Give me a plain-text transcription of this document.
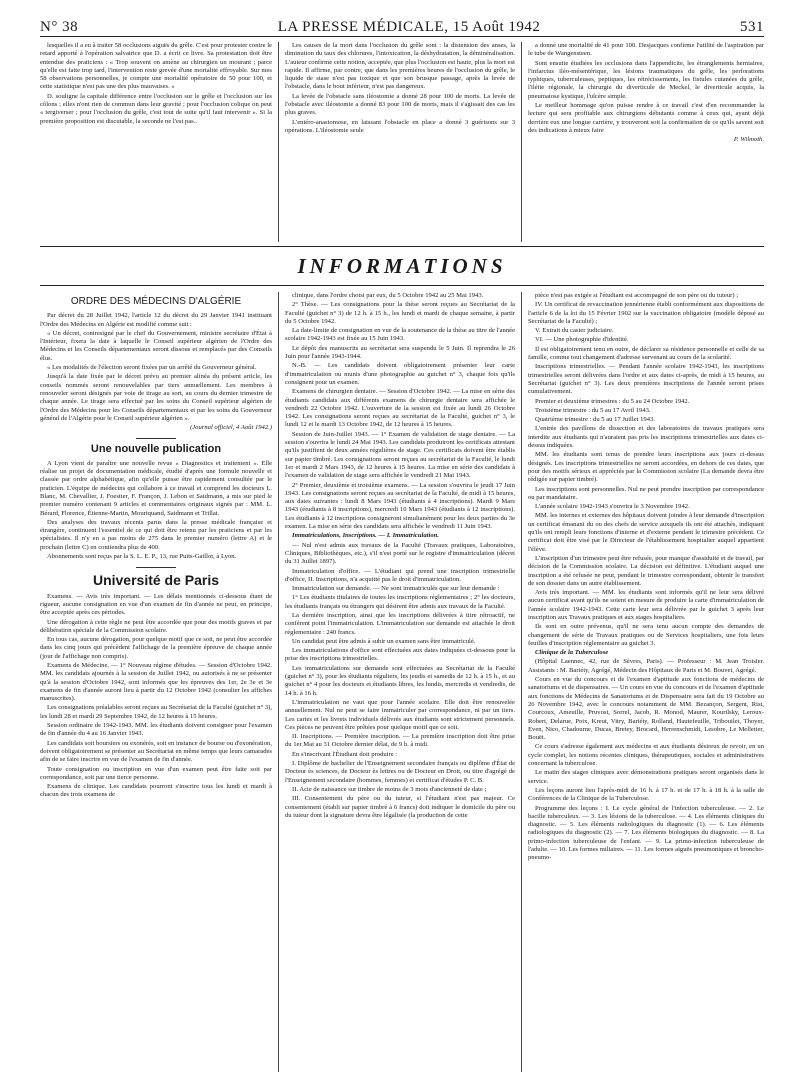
N° 38	LA PRESSE MÉDICALE, 15 Août 1942	531

lesquelles il a eu à traiter 58 occlusions aiguës du grêle. C'est pour protester contre le retard apporté à l'opération salvatrice que D. a écrit ce livre. Sa protestation doit être entendue des praticiens : « Trop souvent on amène au chirurgien un mourant ; parce qu'elle est faite trop tard, l'intervention reste grevée d'une mortalité effroyable. Sur mes 58 observations personnelles, je compte une mortalité opératoire de 50 pour 100, et cette statistique n'est pas une des plus mauvaises. »

D. souligne la capitale différence entre l'occlusion sur le grêle et l'occlusion sur les côlons ; elles n'ont rien de commun dans leur gravité ; pour l'occlusion colique on peut « tergiverser ; pour l'occlusion du grêle, c'est tout de suite qu'il faut intervenir ». Si la première proposition est discutable, la seconde ne l'est pas..

Les causes de la mort dans l'occlusion du grêle sont : la distension des anses, la diminution du taux des chlorures, l'intoxication, la déshydratation, la déminéralisation. L'auteur confirme cette notion, acceptée, que plus l'occlusion est haute, plus la mort est rapide. Il affirme, par contre, que dans les premières heures de l'occlusion du grêle, le liquide de stase n'est pas toxique et que son brusque passage, après la levée de l'obstacle, dans le bout inférieur, n'est pas dangereux.

La levée de l'obstacle sans iléostomie a donné 28 pour 100 de morts. La levée de l'obstacle avec iléostomie a donné 83 pour 100 de morts, mais il s'agissait des cas les plus graves.

L'entéro-anastomose, en laissant l'obstacle en place a donné 3 guérisons sur 3 opérations. L'iléostomie seule

a donné une mortalité de 41 pour 100. Desjacques confirme l'utilité de l'aspiration par le tube de Wangensteen.

Sont ensuite étudiées les occlusions dans l'appendicite, les étranglements herniaires, l'infarctus iléo-mésentérique, les lésions traumatiques du grêle, les perforations typhiques, tuberculeuses, peptiques, les rétrécissements, les fistules cutanées du grêle, l'iléite régionale, la chirurgie du diverticule de Meckel, le diverticule acquis, la pneumatose kystique, l'ulcère simple.

Le meilleur hommage qu'on puisse rendre à ce travail c'est d'en recommander la lecture qui sera profitable aux chirurgiens débutants comme à ceux qui, ayant déjà derrière eux une longue carrière, y trouveront soit la confirmation de ce qu'ils savent soit des indications à mieux faire

P. Wilmoth.

INFORMATIONS
ORDRE DES MÉDECINS D'ALGÉRIE

Par décret du 28 Juillet 1942, l'article 12 du décret du 29 Janvier 1941 instituant l'Ordre des Médecins en Algérie est modifié comme suit :

« Un décret, contresigné par le chef du Gouvernement, ministre secrétaire d'État à l'Intérieur, fixera la date à laquelle le Conseil supérieur algérien de l'Ordre des Médecins et les Conseils départementaux seront dissous et remplacés par des Conseils élus.

« Les modalités de l'élection seront fixées par un arrêté du Gouverneur général.

Jusqu'à la date fixée par le décret prévu au premier alinéa du présent article, les conseils nommés seront renouvelables par tiers annuellement. Les membres à renouveler seront désignés par voie de tirage au sort, au cours du dernier trimestre de chaque année. Le tirage sera effectué par les soins du Conseil supérieur algérien de l'Ordre des Médecins pour les Conseils départementaux et par les soins du Gouverneur général de l'Algérie pour le Conseil supérieur algérien ».

(Journal officiel, 4 Août 1942.)

Une nouvelle publication

A Lyon vient de paraître une nouvelle revue « Diagnostics et traitement ». Elle réalise un projet de documentation médicale, étudié d'après une formule nouvelle et classée par ordre alphabétique, afin qu'elle puisse être rapidement consultée par le praticien. L'équipe de médecins qui collabore à ce travail et comprend les docteurs L. Blanc, M. Chevallier, J. Foestier, F. Françon, J. Lebon et Saidmann, a mis sur pied le premier numéro contenant 9 articles et commentaires originaux signés par : MM. L. Bérard, Florence, Étienne-Martin, Mouriquand, Saidmann et Trillat.

Des analyses des travaux récents parus dans la presse médicale française et étrangère, continuent l'essentiel de ce qui doit être retenu par les praticiens et par les spécialistes. Il n'y en a pas moins de 275 dans le premier numéro (lettre A) et le prochain (lettre C) en contiendra plus de 400.

Abonnements sont reçus par la S. L. E. P., 13, rue Puits-Gaillot, à Lyon.

Université de Paris

Examens. — Avis très important. — Les délais mentionnés ci-dessous étant de rigueur, aucune consignation en vue d'un examen de fin d'année ne peut, en principe, être acceptée après ces périodes.

Une dérogation à cette règle ne peut être accordée que pour des motifs graves et par délibération spéciale de la Commission scolaire.

En tous cas, aucune dérogation, pour quelque motif que ce soit, ne peut être accordée dans les cinq jours qui précèdent l'affichage de la première épreuve de chaque année (jour de l'affichage non compris).

Examens de Médecine. — 1° Nouveau régime d'études. — Session d'Octobre 1942. MM. les candidats ajournés à la session de Juillet 1942, ou autorisés à ne se présenter qu'à la session d'Octobre 1942, sont informés que les épreuves des 1er, 2e 3e et 3e examens de fin d'année auront lieu à partir du 12 Octobre 1942 (consulter les affiches manuscrites).

Les consignations préalables seront reçues au Secrétariat de la Faculté (guichet n° 3), les lundi 28 et mardi 29 Septembre 1942, de 12 heures à 15 heures.

Session ordinaire de 1942-1943. MM. les étudiants doivent consigner pour l'examen de fin d'année du 4 au 16 Janvier 1943.

Les candidats soit boursiers ou exonérés, soit en instance de bourse ou d'exonération, doivent obligatoirement se présenter au Secrétariat en même temps que leurs camarades afin de se faire inscrire en vue de l'examen de fin d'année.

Toute consignation ou inscription en vue d'un examen peut être faite soit par correspondance, soit par une tierce personne.

Examens de clinique. Les candidats pourront s'inscrire tous les lundi et mardi à chacun des trois examens de

clinique, dans l'ordre choisi par eux, du 5 Octobre 1942 au 25 Mai 1943.

2° Thèse. — Les consignations pour la thèse seront reçues au Secrétariat de la Faculté (guichet n° 3) de 12 h. à 15 h., les lundi et mardi de chaque semaine, à partir du 5 Octobre 1942.

La date-limite de consignation en vue de la soutenance de la thèse au titre de l'année scolaire 1942-1943 est fixée au 15 Juin 1943.

Le dépôt des manuscrits au secrétariat sera suspendu le 5 Juin. Il reprendra le 26 Juin pour l'année 1943-1944.

N.-B. — Les candidats doivent obligatoirement présenter leur carte d'immatriculation ou munis d'une photographie au guichet n° 3, chaque fois qu'ils consignent pour un examen.

Examens de chirurgien dentaire. — Session d'Octobre 1942. — La mise en série des étudiants candidats aux différents examens de chirurgie dentaire sera affichée le vendredi 22 Octobre 1942. L'ouverture de la session est fixée au lundi 26 Octobre 1942. Les consignations seront reçues au secrétariat de la Faculté, guichet n° 3, le lundi 12 et le mardi 13 Octobre 1942, de 12 heures à 15 heures.

Session de Juin-Juillet 1943. — 1° Examen de validation de stage dentaire. — La session s'ouvrira le lundi 24 Mai 1943. Les candidats produiront les certificats attestant qu'ils justifient de deux années régulières de stage. Ces certificats doivent être établis sur papier timbré. Les consignations seront reçues au secrétariat de la Faculté, le lundi 1er et mardi 2 Mars 1943, de 12 heures à 15 heures. La mise en série des candidats à l'examen de validation de stage sera affichée le vendredi 21 Mai 1943.

2° Premier, deuxième et troisième examens. — La session s'ouvrira le jeudi 17 Juin 1943. Les consignations seront reçues au secrétariat de la Faculté, de midi à 15 heures, aux dates suivantes : lundi 8 Mars 1943 (étudiants à 4 inscriptions). Mardi 9 Mars 1943 (étudiants à 8 inscriptions), mercredi 10 Mars 1943 (étudiants à 12 inscriptions). Les étudiants à 12 inscriptions consigneront simultanément pour les deux parties du 3e examen. La mise en série des candidats sera affichée le vendredi 11 Juin 1943.

Immatriculations, Inscriptions. — I. Immatriculation.

— Nul n'est admis aux travaux de la Faculté (Travaux pratiques, Laboratoires, Cliniques, Bibliothèques, etc.), s'il n'est porté sur le registre d'immatriculation (décret du 31 Juillet 1897).

Immatriculation d'office. — L'étudiant qui prend une inscription trimestrielle d'office, II. Inscriptions, n'a acquitté pas le droit d'immatriculation.

Immatriculation sur demande. — Ne sont immatriculés que sur leur demande :

1° Les étudiants titulaires de toutes les inscriptions réglementaires ; 2° les docteurs, les étudiants français ou étrangers qui désirent être admis aux travaux de la Faculté.

La dernière inscription, ainsi que les inscriptions délivrées à titre rétroactif, ne confèrent point l'immatriculation. L'immatriculation sur demande est attachée le droit réglementaire : 240 francs.

Un candidat peut être admis à subir un examen sans être immatriculé.

Les immatriculations d'office sont effectuées aux dates indiquées ci-dessous pour la prise des inscriptions trimestrielles.

Les immatriculations sur demande sont effectuées au Secrétariat de la Faculté (guichet n° 3), pour les étudiants réguliers, les jeudis et samedis de 12 h. à 15 h., et au guichet n° 4 pour les docteurs et étudiants libres, les lundis, mercredis et vendredis, de 14 h. à 16 h.

L'immatriculation ne vaut que pour l'année scolaire. Elle doit être renouvelée annuellement. Nul ne peut se faire immatriculer par correspondance, ni par un tiers. Les cartes et les livrets individuels délivrés aux étudiants sont strictement personnels. Ces pièces ne peuvent être prêtées pour quelque motif que ce soit.

II. Inscriptions. — Première inscription. — La première inscription doit être prise du 1er Mai au 31 Octobre dernier délai, de 9 h. à midi.

En s'inscrivant l'Étudiant doit produire :

I. Diplôme de bachelier de l'Enseignement secondaire français ou diplôme d'État de Docteur ès sciences, de Docteur ès lettres ou de Docteur en Droit, ou titre d'agrégé de l'Enseignement secondaire (hommes, femmes) et certificat d'études P. C. B.

II. Acte de naissance sur timbre de moins de 3 mois d'ancienneté de date ;

III. Consentement du père ou du tuteur, si l'étudiant n'est pas majeur. Ce consentement (établi sur papier timbré à 6 francs) doit indiquer le domicile du père ou du tuteur dont la signature devra être légalisée (la production de cette

pièce n'est pas exigée si l'étudiant est accompagné de son père ou du tuteur) ;

IV. Un certificat de revaccination jennérienne établi conformément aux dispositions de l'article 6 de la loi du 15 Février 1902 sur la vaccination obligatoire (modèle déposé au Secrétariat de la Faculté) ;

V. Extrait du casier judiciaire.

VI. — Une photographie d'identité.

Il est obligatoirement tenu en outre, de déclarer sa résidence personnelle et celle de sa famille, comme tout changement d'adresse survenant au cours de la scolarité.

Inscriptions trimestrielles. — Pendant l'année scolaire 1942-1943, les inscriptions trimestrielles seront délivrées dans l'ordre et aux dates ci-après, de midi à 15 heures, au Secrétariat (guichet n° 3). Les deux premières inscriptions de l'année seront prises cumulativement.

Premier et deuxième trimestres : du 5 au 24 Octobre 1942.

Troisième trimestre : du 5 au 17 Avril 1943.

Quatrième trimestre : du 5 au 17 Juillet 1943.

L'entrée des pavillons de dissection et des laboratoires de travaux pratiques sera interdite aux étudiants qui n'auraient pas pris les inscriptions trimestrielles aux dates ci-dessus indiquées.

MM. les étudiants sont tenus de prendre leurs inscriptions aux jours ci-dessus désignés. Les inscriptions trimestrielles ne seront accordées, en dehors de ces dates, que pour des motifs sérieux et appréciés par la Commission scolaire (La demande devra être rédigée sur papier timbré).

Les inscriptions sont personnelles. Nul ne peut prendre inscription par correspondance ou par mandataire.

L'année scolaire 1942-1943 s'ouvrira le 3 Novembre 1942.

MM. les internes et externes des hôpitaux doivent joindre à leur demande d'inscription un certificat émanant du ou des chefs de service auxquels ils ont été attachés, indiquant qu'ils ont rempli leurs fonctions d'interne et d'externe pendant le trimestre précédent. Ce certificat doit être visé par le Directeur de l'établissement hospitalier auquel appartient l'élève.

L'inscription d'un trimestre peut être refusée, pour manque d'assiduité et de travail, par décision de la Commission scolaire. La décision est définitive. L'étudiant auquel une inscription a été refusée ne peut, pendant le trimestre correspondant, obtenir le transfert de son dossier dans un autre établissement.

Avis très important. — MM. les étudiants sont informés qu'il ne leur sera délivré aucun certificat avant qu'ils ne soient en mesure de produire la carte d'immatriculation de l'année scolaire 1942-1943. Cette carte leur sera délivrée par le guichet 3 après leur inscription aux Travaux pratiques et aux stages hospitaliers.

Ils sont en outre prévenus, qu'il ne sera tenu aucun compte des demandes de changement de série de Travaux pratiques ou de Services hospitaliers, une fois leurs feuilles d'inscription réglementaire au guichet 3.

Clinique de la Tuberculose

(Hôpital Laennec, 42, rue de Sèvres, Paris). — Professeur : M. Jean Troisier. Assistants : M. Bariéty, Agrégé, Médecin des Hôpitaux de Paris et M. Bouvet, Agrégé.

Cours en vue du concours et de l'examen d'aptitude aux fonctions de médecins de sanatoriums et de dispensaires. — Un cours en vue du concours et de l'examen d'aptitude aux fonctions de Médecins de Sanatoriums et de Dispensaire sera fait du 19 Octobre au 26 Novembre 1942, avec le concours notamment de MM. Bezançon, Sergent, Rist, Courcoux, Ameuille, Pruvost, Sorrel, Jacob, R. Monod, Maurer, Kourilsky, Leroux-Robert, Delarue, Poix, Kreut, Vitry, Bariéty, Rolland, Hautefeuille, Tribouilet, Thoyer, Even, Nico, Chadourne, Ducas, Bretey, Brocard, Herrenschmidt, Lesobre, Le Melletier, Bouët.

Ce cours s'adresse également aux médecins et aux étudiants désireux de revoir, en un cycle complet, les notions récentes cliniques, thérapeutiques, sociales et administratives concernant la tuberculose.

Le matin des stages cliniques avec démonstrations pratiques seront organisés dans le service.

Les leçons auront lieu l'après-midi de 16 h. à 17 h. et de 17 h. à 18 h. à la salle de Conférences de la Clinique de la Tuberculose.

Programme des leçons : I. Le cycle général de l'infection tuberculeuse. — 2. Le bacille tuberculeux. — 3. Les lésions de la tuberculose. — 4. Les éléments cliniques du diagnostic. — 5. Les éléments radiologiques du diagnostic (1). — 6. Les éléments radiologiques du diagnostic (2). — 7. Les éléments biologiques du diagnostic. — 8. La primo-infection tuberculeuse de l'enfant. — 9. La primo-infection tuberculeuse de l'adulte. — 10. Les formes miliaires. — 11. Les formes aiguës pneumoniques et broncho-pneumo-
